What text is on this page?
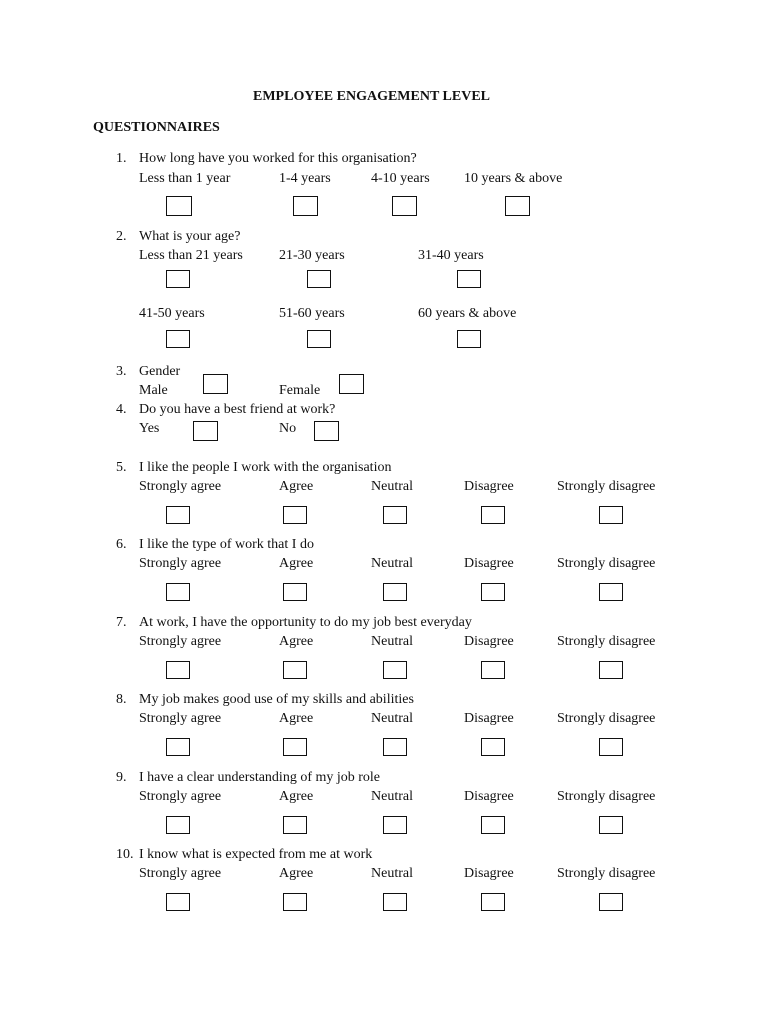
EMPLOYEE ENGAGEMENT LEVEL
QUESTIONNAIRES
1. How long have you worked for this organisation?
Less than 1 year	1-4 years	4-10 years 10 years & above
2. What is your age?
Less than 21 years	21-30 years	31-40 years
41-50 years	51-60 years	60 years & above
3. Gender
Male	Female
4. Do you have a best friend at work?
Yes	No
5. I like the people I work with the organisation
Strongly agree	Agree	Neutral	Disagree	Strongly disagree
6. I like the type of work that I do
Strongly agree	Agree	Neutral	Disagree	Strongly disagree
7. At work, I have the opportunity to do my job best everyday
Strongly agree	Agree	Neutral	Disagree	Strongly disagree
8. My job makes good use of my skills and abilities
Strongly agree	Agree	Neutral	Disagree	Strongly disagree
9. I have a clear understanding of my job role
Strongly agree	Agree	Neutral	Disagree	Strongly disagree
10. I know what is expected from me at work
Strongly agree	Agree	Neutral	Disagree	Strongly disagree
